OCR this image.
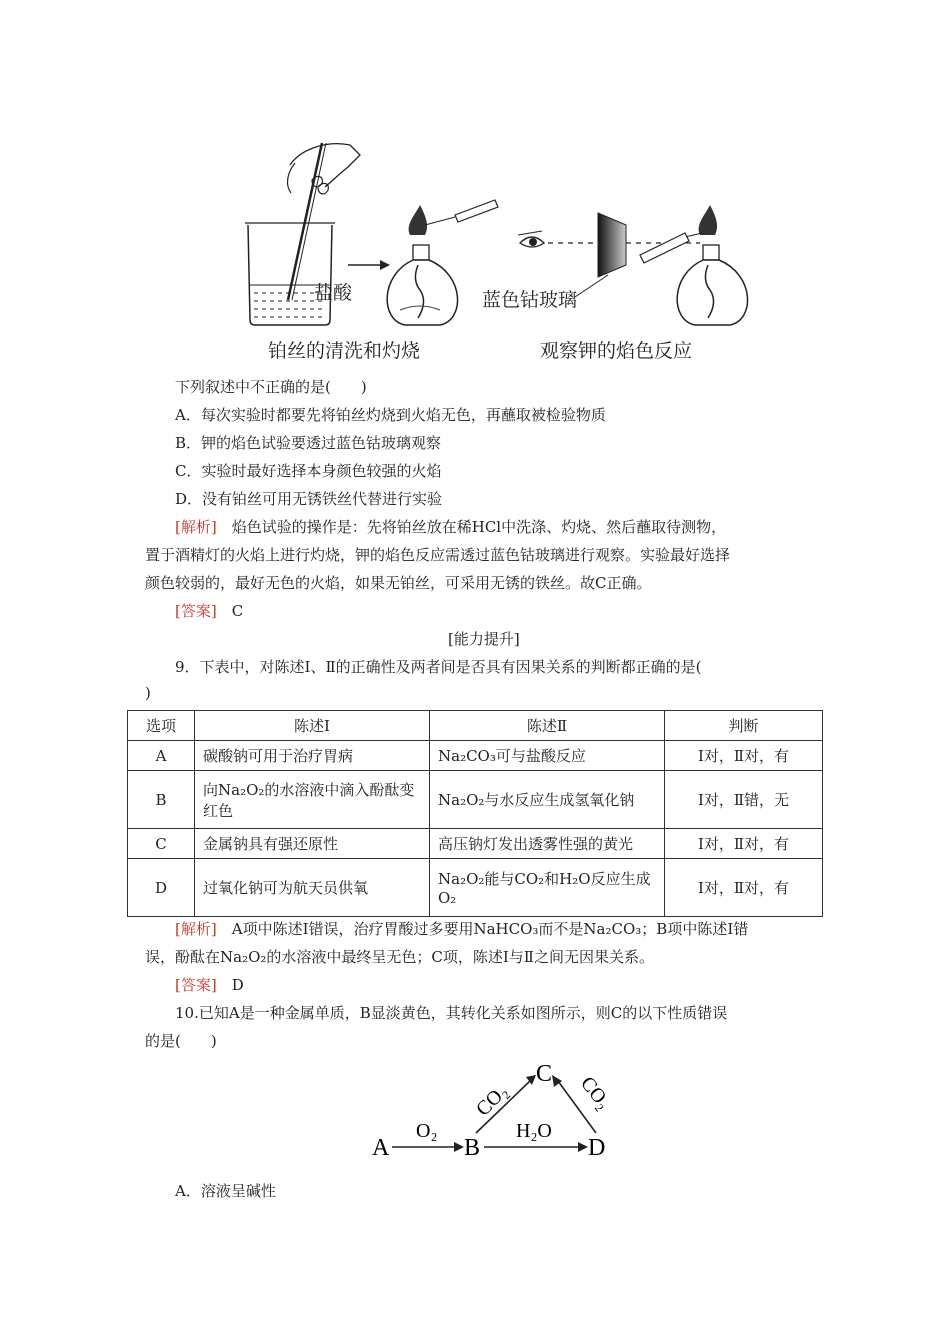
盐酸	蓝色钴玻璃
铂丝的清洗和灼烧	观察钾的焰色反应
下列叙述中不正确的是(　　)
A．每次实验时都要先将铂丝灼烧到火焰无色，再蘸取被检验物质
B．钾的焰色试验要透过蓝色钴玻璃观察
C．实验时最好选择本身颜色较强的火焰
D．没有铂丝可用无锈铁丝代替进行实验
[解析]　 焰色试验的操作是：先将铂丝放在稀HCl中洗涤、灼烧、然后蘸取待测物，
置于酒精灯的火焰上进行灼烧，钾的焰色反应需透过蓝色钴玻璃进行观察。实验最好选择
颜色较弱的，最好无色的火焰，如果无铂丝，可采用无锈的铁丝。故C正确。
[答案]　 C
[能力提升]
9．下表中，对陈述Ⅰ、Ⅱ的正确性及两者间是否具有因果关系的判断都正确的是(
)
选项	陈述Ⅰ	陈述Ⅱ	判断
A	碳酸钠可用于治疗胃病	Na₂CO₃可与盐酸反应	Ⅰ对，Ⅱ对，有
B	向Na₂O₂的水溶液中滴入酚酞变红色	Na₂O₂与水反应生成氢氧化钠	Ⅰ对，Ⅱ错，无
C	金属钠具有强还原性	高压钠灯发出透雾性强的黄光	Ⅰ对，Ⅱ对，有
D	过氧化钠可为航天员供氧	Na₂O₂能与CO₂和H₂O反应生成O₂	Ⅰ对，Ⅱ对，有
[解析]　 A项中陈述Ⅰ错误，治疗胃酸过多要用NaHCO₃而不是Na₂CO₃；B项中陈述Ⅰ错
误，酚酞在Na₂O₂的水溶液中最终呈无色；C项，陈述Ⅰ与Ⅱ之间无因果关系。
[答案]　 D
10.已知A是一种金属单质，B显淡黄色，其转化关系如图所示，则C的以下性质错误
的是(　　)
A	B
C
D
O₂	H₂O
CO₂	CO₂
A．溶液呈碱性
